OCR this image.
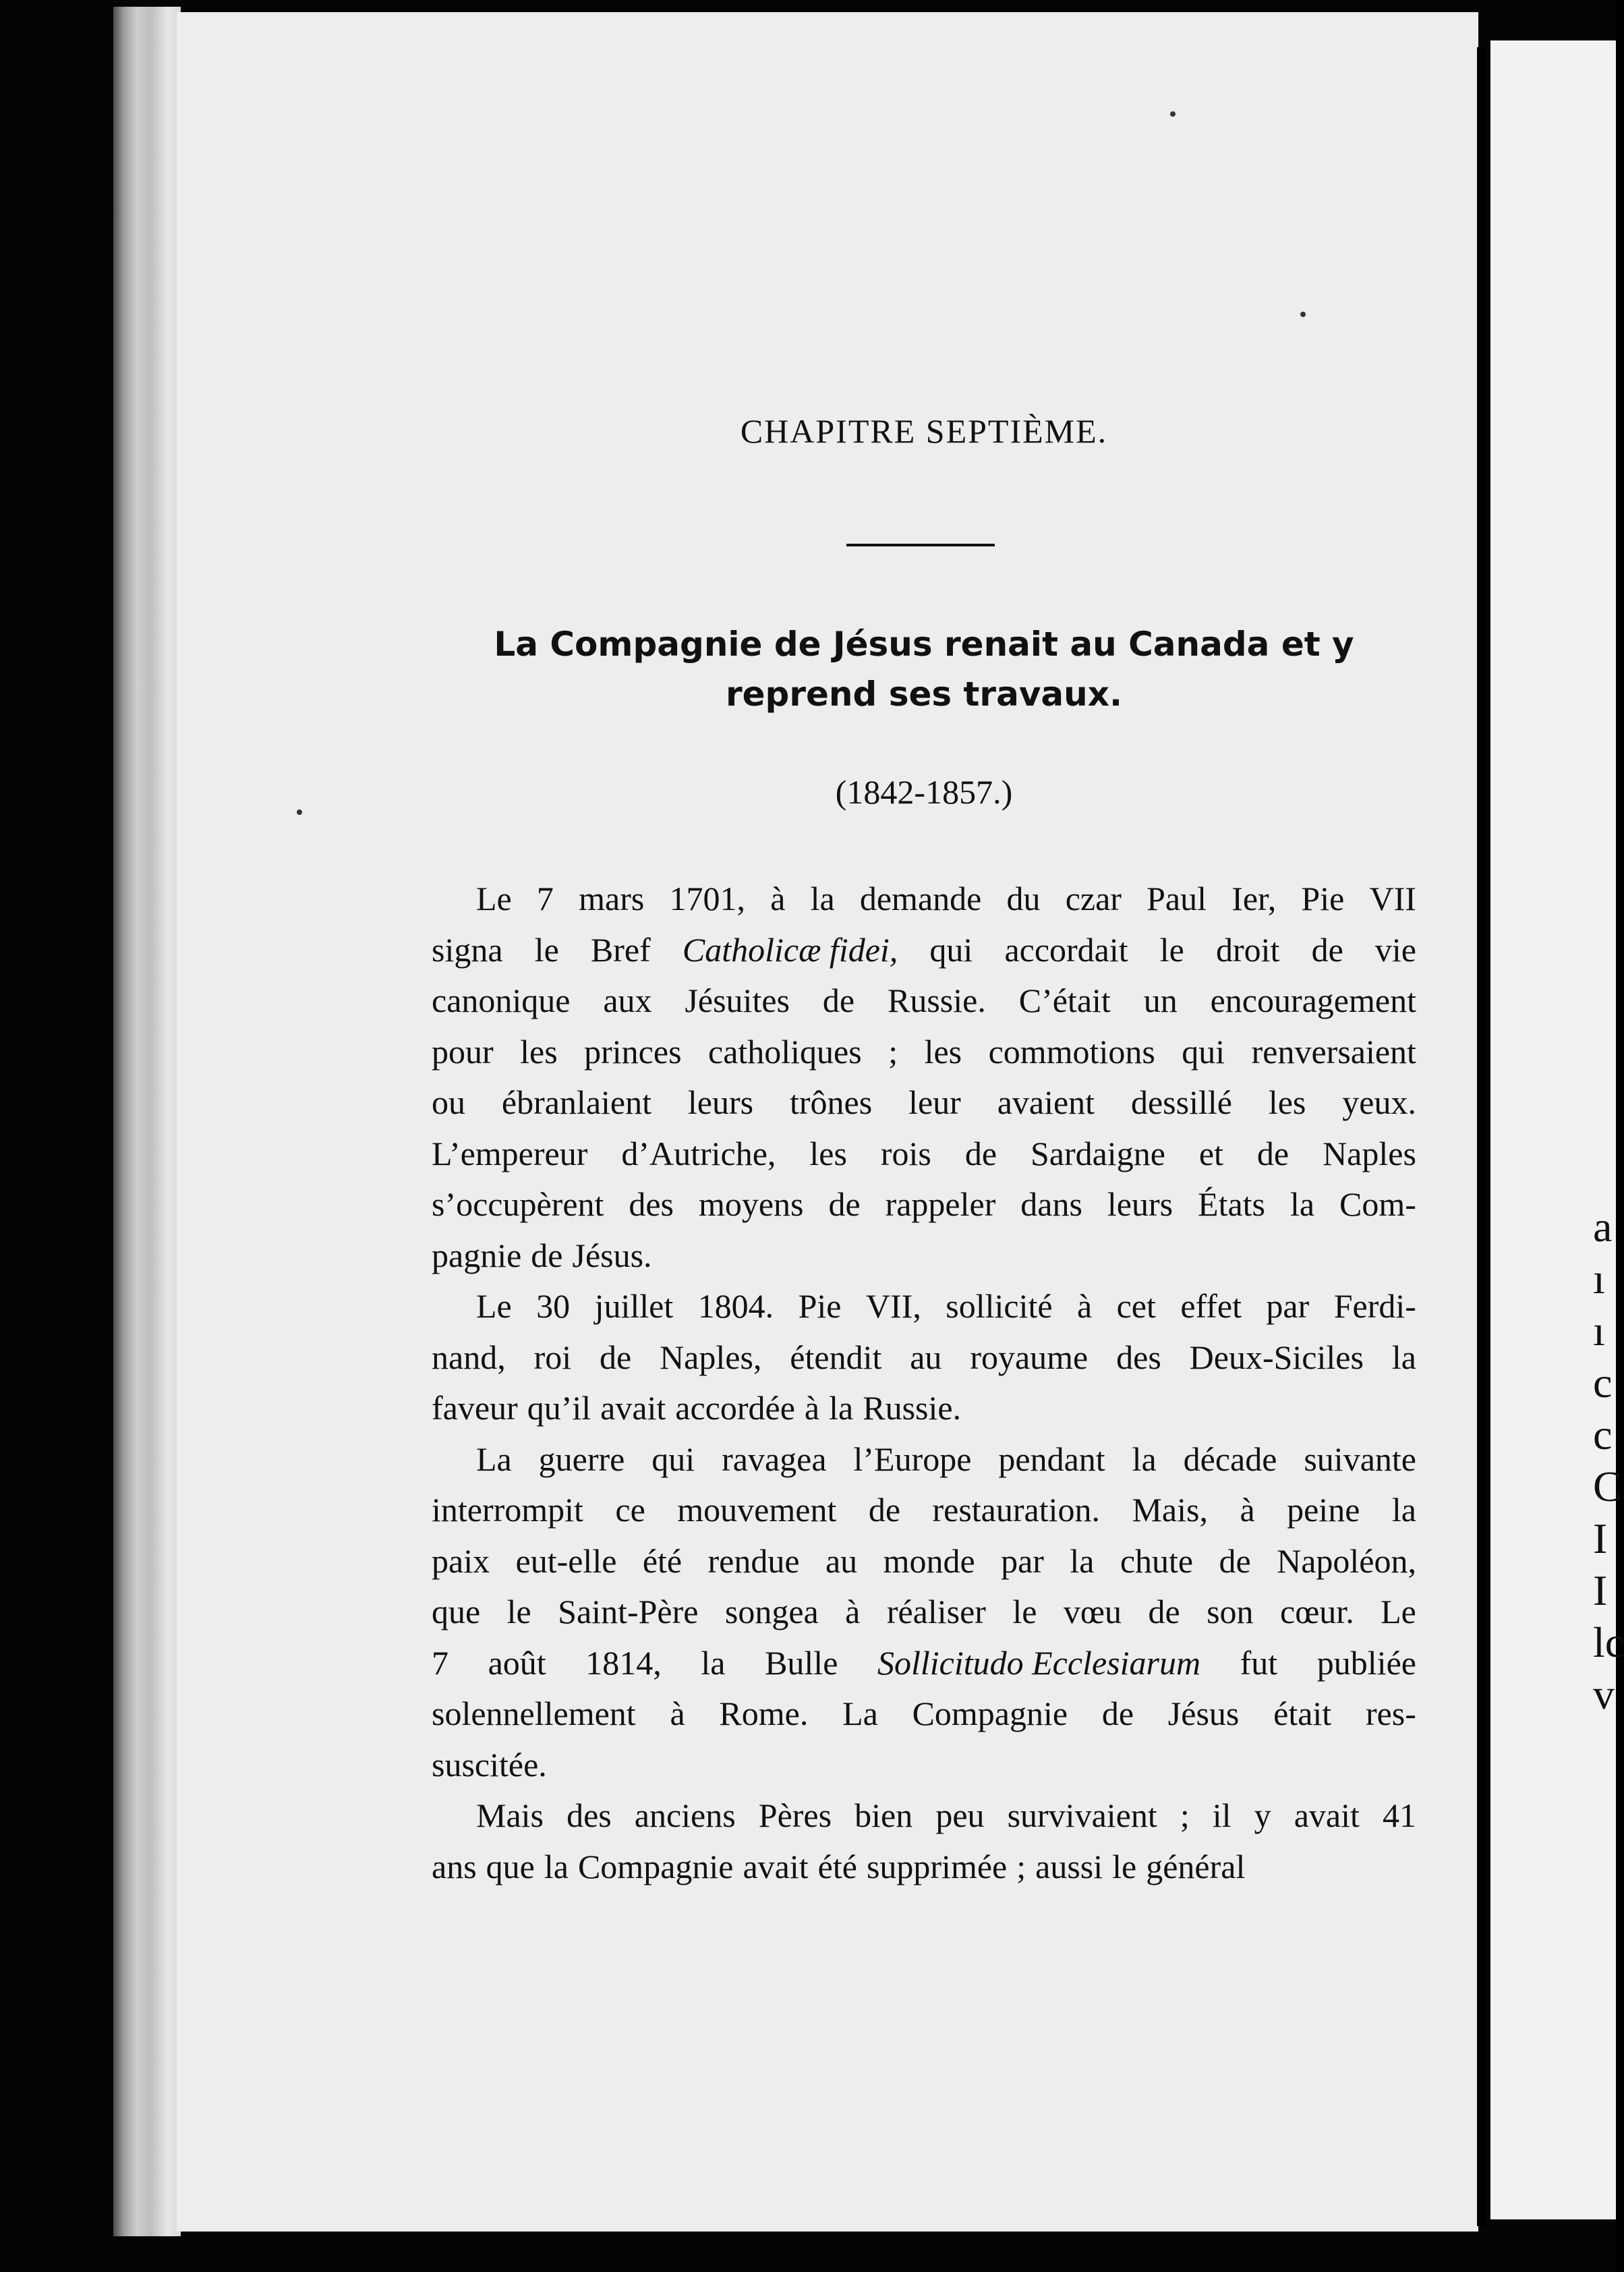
a
ı
ı
c
c
C
I
I
lc
v
CHAPITRE SEPTIÈME.
La Compagnie de Jésus renait au Canada et y
reprend ses travaux.

(1842-1857.)

Le 7 mars 1701, à la demande du czar Paul Ier, Pie VII
signa le Bref Catholicæ fidei, qui accordait le droit de vie
canonique aux Jésuites de Russie. C’était un encouragement
pour les princes catholiques ; les commotions qui renversaient
ou ébranlaient leurs trônes leur avaient dessillé les yeux.
L’empereur d’Autriche, les rois de Sardaigne et de Naples
s’occupèrent des moyens de rappeler dans leurs États la Com-
pagnie de Jésus.
Le 30 juillet 1804. Pie VII, sollicité à cet effet par Ferdi-
nand, roi de Naples, étendit au royaume des Deux-Siciles la
faveur qu’il avait accordée à la Russie.
La guerre qui ravagea l’Europe pendant la décade suivante
interrompit ce mouvement de restauration. Mais, à peine la
paix eut-elle été rendue au monde par la chute de Napoléon,
que le Saint-Père songea à réaliser le vœu de son cœur. Le
7 août 1814, la Bulle Sollicitudo Ecclesiarum fut publiée
solennellement à Rome. La Compagnie de Jésus était res-
suscitée.
Mais des anciens Pères bien peu survivaient ; il y avait 41
ans que la Compagnie avait été supprimée ; aussi le général
